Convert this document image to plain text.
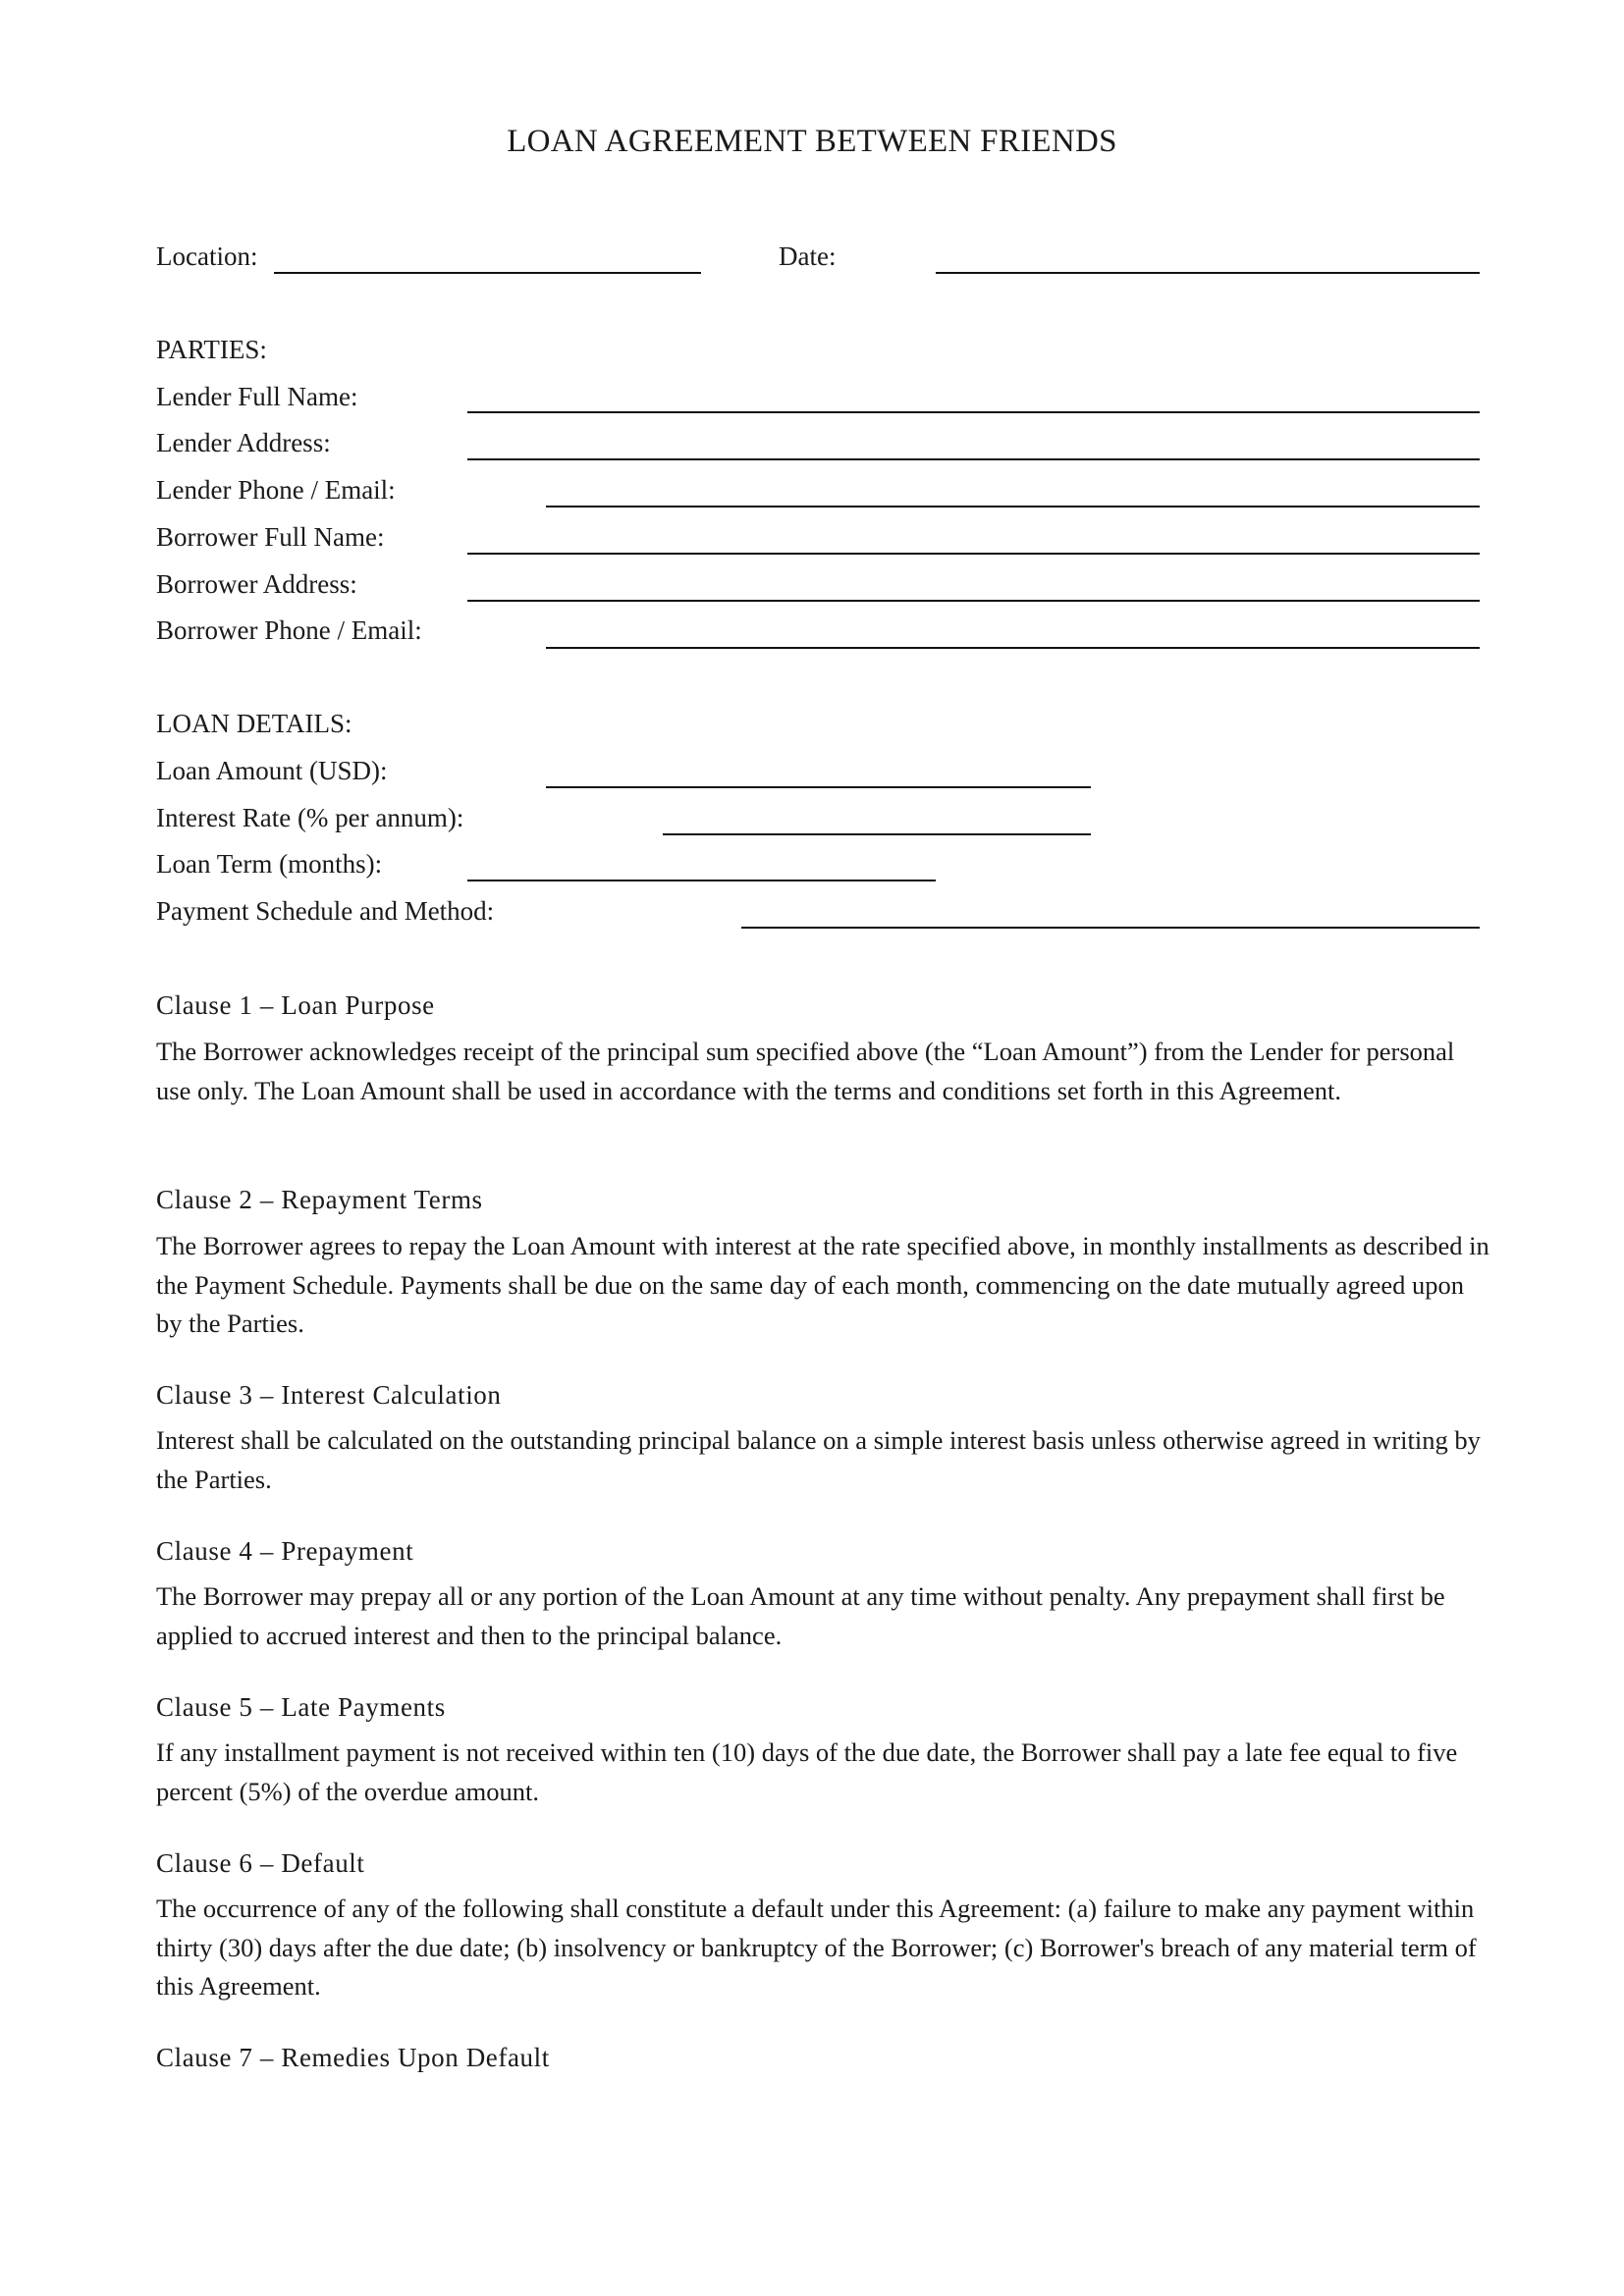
LOAN AGREEMENT BETWEEN FRIENDS
Location:	Date:
PARTIES:
Lender Full Name:
Lender Address:
Lender Phone / Email:
Borrower Full Name:
Borrower Address:
Borrower Phone / Email:
LOAN DETAILS:
Loan Amount (USD):
Interest Rate (% per annum):
Loan Term (months):
Payment Schedule and Method:
Clause 1 – Loan Purpose
The Borrower acknowledges receipt of the principal sum specified above (the “Loan Amount”) from the Lender for personal use only. The Loan Amount shall be used in accordance with the terms and conditions set forth in this Agreement.
Clause 2 – Repayment Terms
The Borrower agrees to repay the Loan Amount with interest at the rate specified above, in monthly installments as described in the Payment Schedule. Payments shall be due on the same day of each month, commencing on the date mutually agreed upon by the Parties.
Clause 3 – Interest Calculation
Interest shall be calculated on the outstanding principal balance on a simple interest basis unless otherwise agreed in writing by the Parties.
Clause 4 – Prepayment
The Borrower may prepay all or any portion of the Loan Amount at any time without penalty. Any prepayment shall first be applied to accrued interest and then to the principal balance.
Clause 5 – Late Payments
If any installment payment is not received within ten (10) days of the due date, the Borrower shall pay a late fee equal to five percent (5%) of the overdue amount.
Clause 6 – Default
The occurrence of any of the following shall constitute a default under this Agreement: (a) failure to make any payment within thirty (30) days after the due date; (b) insolvency or bankruptcy of the Borrower; (c) Borrower's breach of any material term of this Agreement.
Clause 7 – Remedies Upon Default
